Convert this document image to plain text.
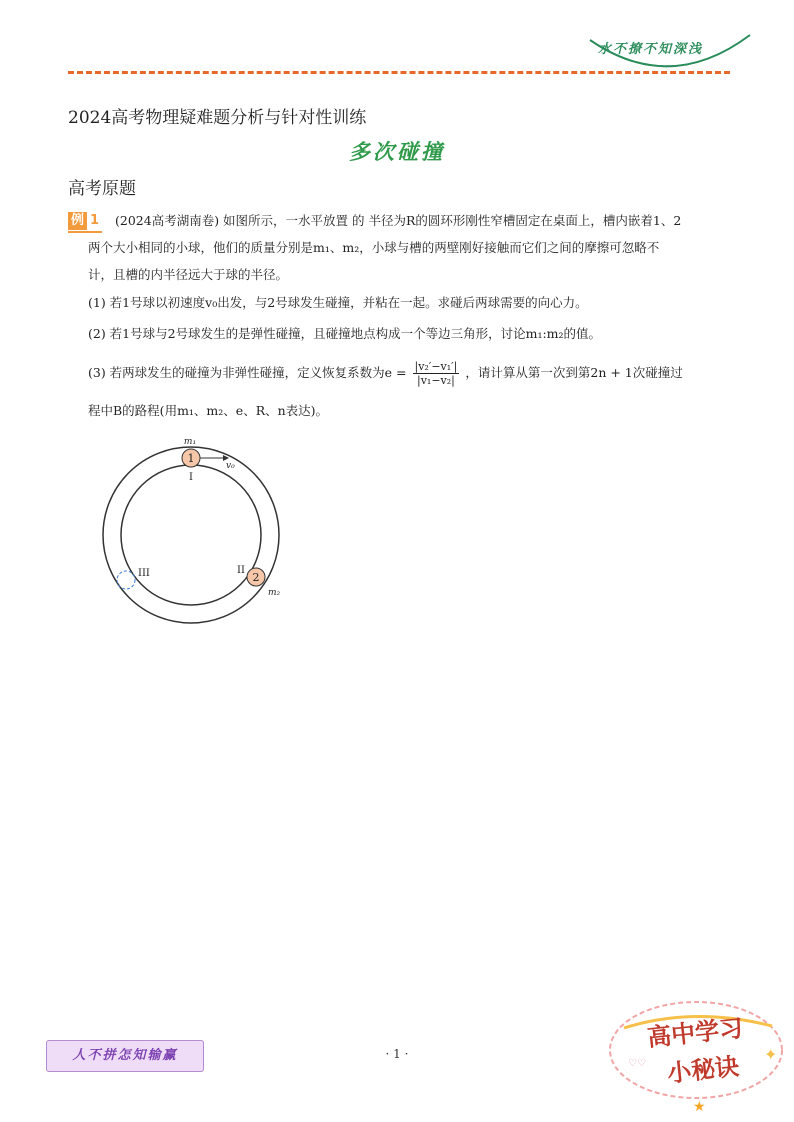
水不撩不知深浅
2024高考物理疑难题分析与针对性训练
多次碰撞
高考原题
例 1 (2024高考湖南卷) 如图所示，一水平放置 的 半径为R的圆环形刚性窄槽固定在桌面上，槽内嵌着1、2
两个大小相同的小球，他们的质量分别是m₁、m₂，小球与槽的两壁刚好接触而它们之间的摩擦可忽略不
计，且槽的内半径远大于球的半径。
(1) 若1号球以初速度v₀出发，与2号球发生碰撞，并粘在一起。求碰后两球需要的向心力。
(2) 若1号球与2号球发生的是弹性碰撞，且碰撞地点构成一个等边三角形，讨论m₁:m₂的值。
(3) 若两球发生的碰撞为非弹性碰撞，定义恢复系数为$e = \frac{\text{|v₂′−v₁′|}}{\text{|v₁−v₂|}}$ ，请计算从第一次到第2n + 1次碰撞过
程中B的路程(用m₁、m₂、e、R、n表达)。
1
2
m₁
v₀
I
II
III
m₂
人不拼怎知输赢	· 1 ·
高中学习
小秘诀 ✦
♡♡
★
